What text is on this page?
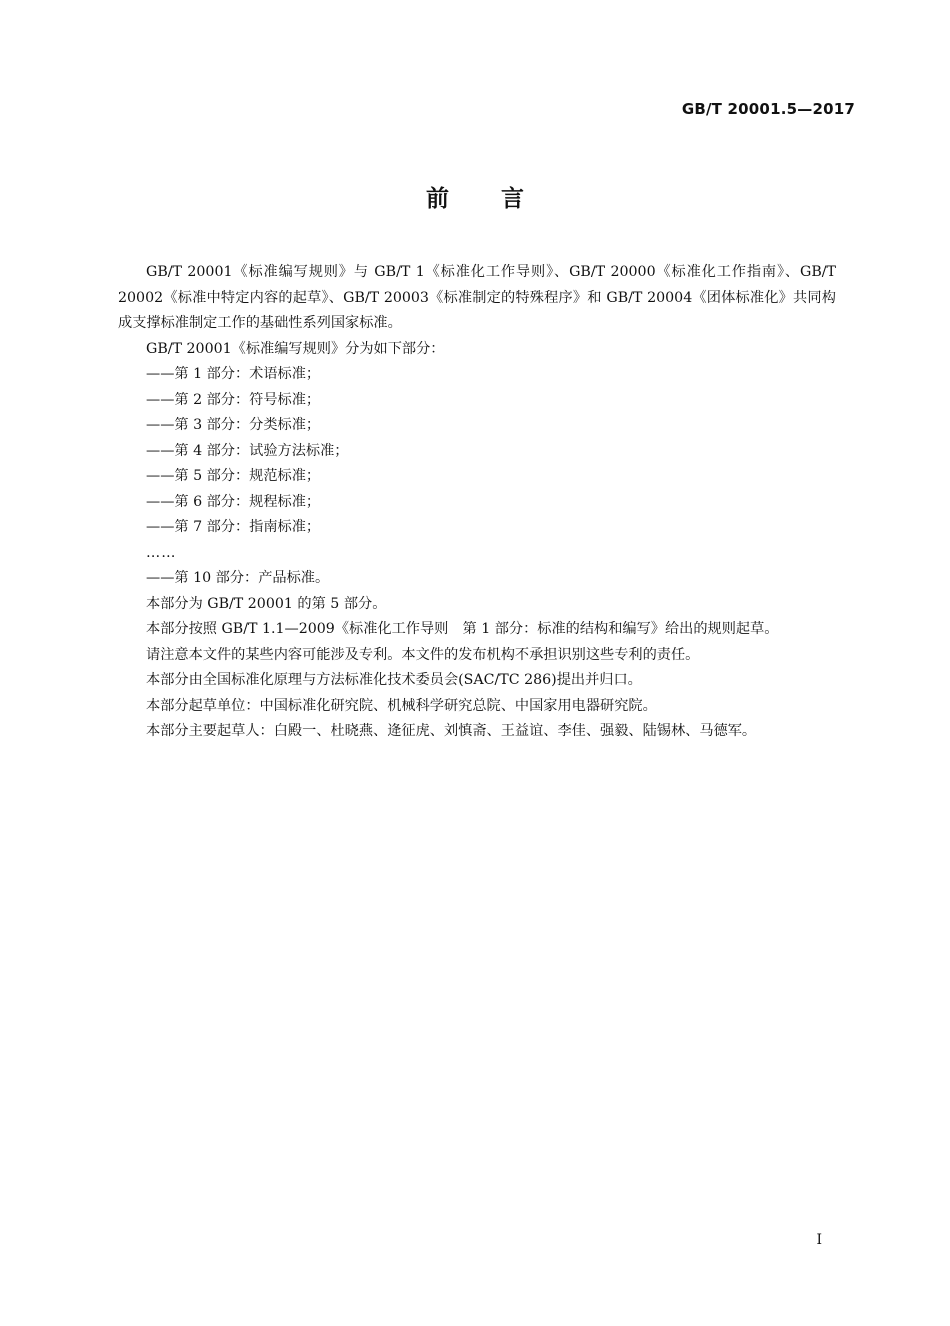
GB/T 20001.5—2017
前言

GB/T 20001《标准编写规则》与 GB/T 1《标准化工作导则》、GB/T 20000《标准化工作指南》、GB/T 20002《标准中特定内容的起草》、GB/T 20003《标准制定的特殊程序》和 GB/T 20004《团体标准化》共同构成支撑标准制定工作的基础性系列国家标准。

GB/T 20001《标准编写规则》分为如下部分：

——第 1 部分：术语标准；
——第 2 部分：符号标准；
——第 3 部分：分类标准；
——第 4 部分：试验方法标准；
——第 5 部分：规范标准；
——第 6 部分：规程标准；
——第 7 部分：指南标准；

……

——第 10 部分：产品标准。

本部分为 GB/T 20001 的第 5 部分。

本部分按照 GB/T 1.1—2009《标准化工作导则　第 1 部分：标准的结构和编写》给出的规则起草。

请注意本文件的某些内容可能涉及专利。本文件的发布机构不承担识别这些专利的责任。

本部分由全国标准化原理与方法标准化技术委员会(SAC/TC 286)提出并归口。

本部分起草单位：中国标准化研究院、机械科学研究总院、中国家用电器研究院。

本部分主要起草人：白殿一、杜晓燕、逄征虎、刘慎斋、王益谊、李佳、强毅、陆锡林、马德军。

I
